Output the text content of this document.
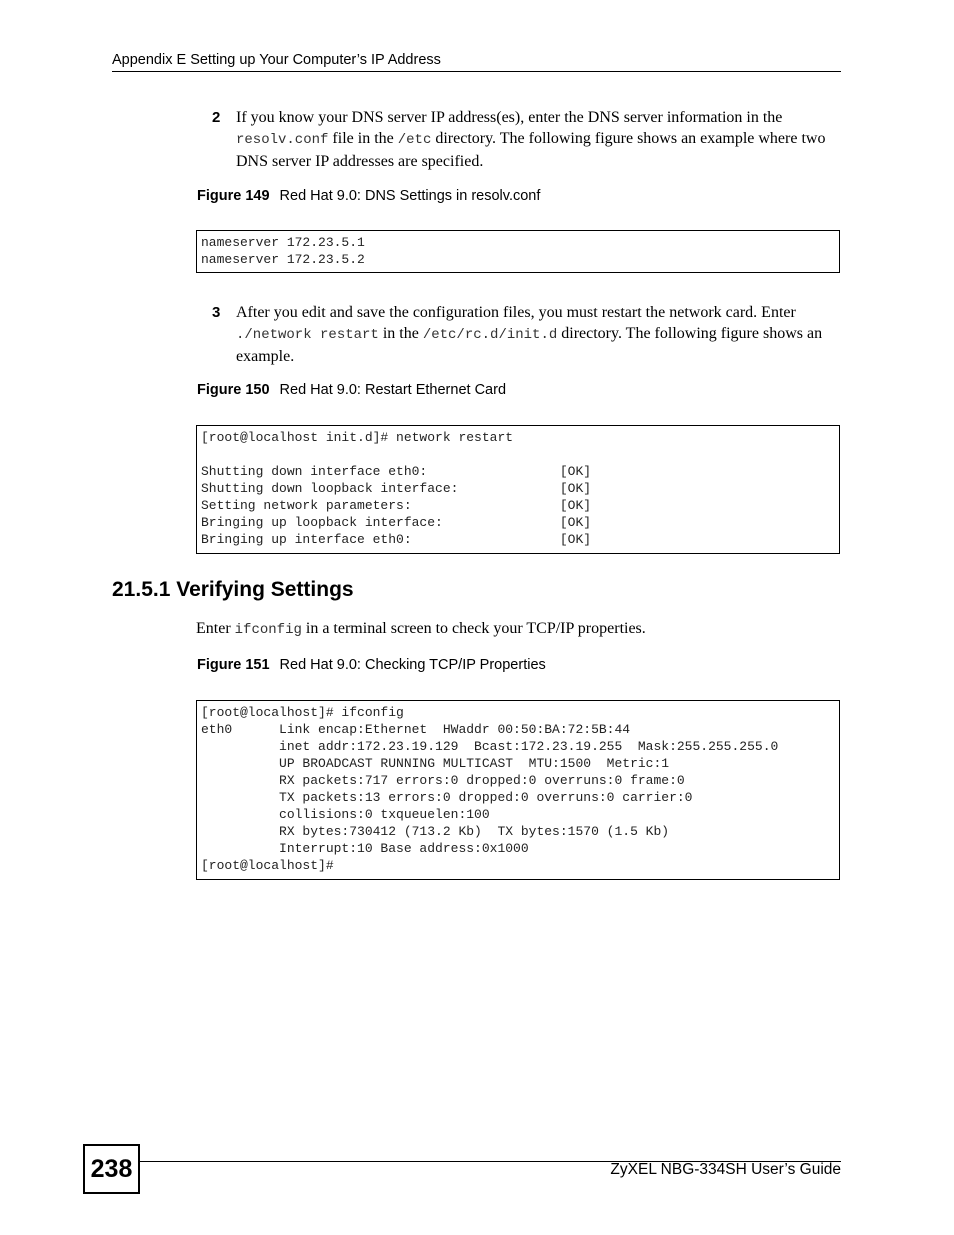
Appendix E Setting up Your Computer’s IP Address
2 If you know your DNS server IP address(es), enter the DNS server information in the resolv.conf file in the /etc directory. The following figure shows an example where two DNS server IP addresses are specified.
Figure 149 Red Hat 9.0: DNS Settings in resolv.conf
nameserver 172.23.5.1
nameserver 172.23.5.2
3 After you edit and save the configuration files, you must restart the network card. Enter ./network restart in the /etc/rc.d/init.d directory. The following figure shows an example.
Figure 150 Red Hat 9.0: Restart Ethernet Card
[root@localhost init.d]# network restart

Shutting down interface eth0:                 [OK]
Shutting down loopback interface:             [OK]
Setting network parameters:                   [OK]
Bringing up loopback interface:               [OK]
Bringing up interface eth0:                   [OK]
21.5.1 Verifying Settings
Enter ifconfig in a terminal screen to check your TCP/IP properties.
Figure 151 Red Hat 9.0: Checking TCP/IP Properties
[root@localhost]# ifconfig
eth0      Link encap:Ethernet  HWaddr 00:50:BA:72:5B:44
inet addr:172.23.19.129  Bcast:172.23.19.255  Mask:255.255.255.0
UP BROADCAST RUNNING MULTICAST  MTU:1500  Metric:1
RX packets:717 errors:0 dropped:0 overruns:0 frame:0
TX packets:13 errors:0 dropped:0 overruns:0 carrier:0
collisions:0 txqueuelen:100
RX bytes:730412 (713.2 Kb)  TX bytes:1570 (1.5 Kb)
Interrupt:10 Base address:0x1000
[root@localhost]#
238	ZyXEL NBG-334SH User’s Guide
